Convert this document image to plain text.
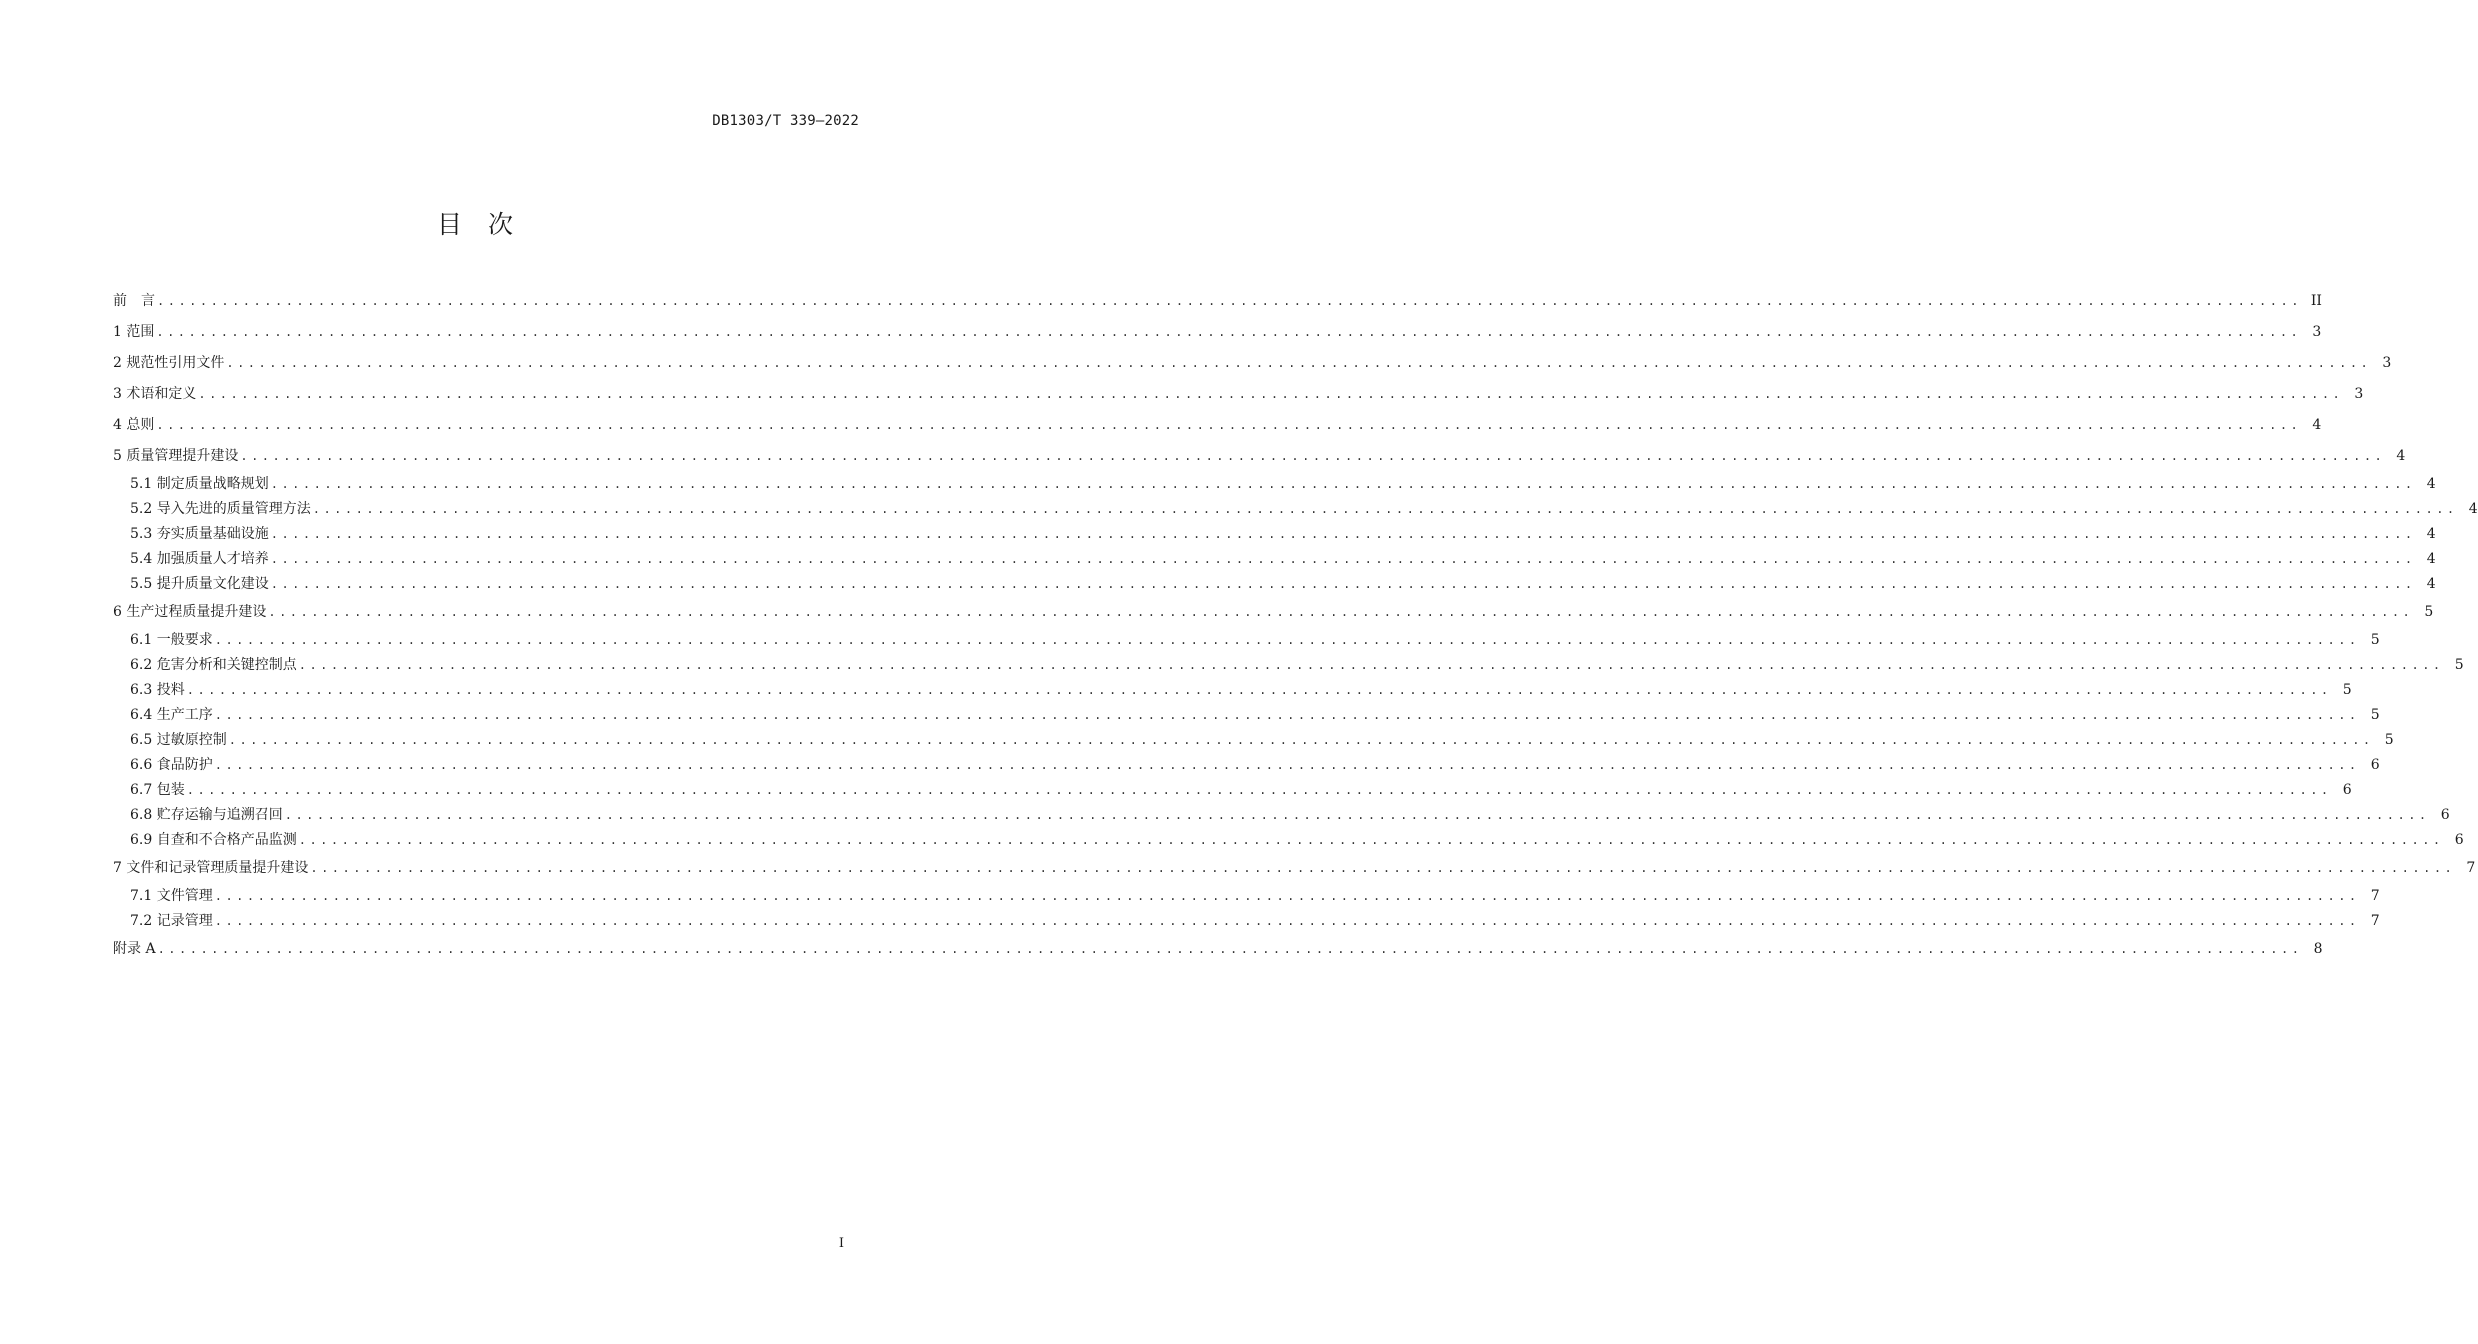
DB1303/T 339—2022
目次
前　言 ........................................................................................................................................................................................................ II
1 范围 ........................................................................................................................................................................................................ 3
2 规范性引用文件 ........................................................................................................................................................................................................ 3
3 术语和定义 ........................................................................................................................................................................................................ 3
4 总则 ........................................................................................................................................................................................................ 4
5 质量管理提升建设 ........................................................................................................................................................................................................ 4
5.1 制定质量战略规划 ........................................................................................................................................................................................................ 4
5.2 导入先进的质量管理方法 ........................................................................................................................................................................................................ 4
5.3 夯实质量基础设施 ........................................................................................................................................................................................................ 4
5.4 加强质量人才培养 ........................................................................................................................................................................................................ 4
5.5 提升质量文化建设 ........................................................................................................................................................................................................ 4
6 生产过程质量提升建设 ........................................................................................................................................................................................................ 5
6.1 一般要求 ........................................................................................................................................................................................................ 5
6.2 危害分析和关键控制点 ........................................................................................................................................................................................................ 5
6.3 投料 ........................................................................................................................................................................................................ 5
6.4 生产工序 ........................................................................................................................................................................................................ 5
6.5 过敏原控制 ........................................................................................................................................................................................................ 5
6.6 食品防护 ........................................................................................................................................................................................................ 6
6.7 包装 ........................................................................................................................................................................................................ 6
6.8 贮存运输与追溯召回 ........................................................................................................................................................................................................ 6
6.9 自查和不合格产品监测 ........................................................................................................................................................................................................ 6
7 文件和记录管理质量提升建设 ........................................................................................................................................................................................................ 7
7.1 文件管理 ........................................................................................................................................................................................................ 7
7.2 记录管理 ........................................................................................................................................................................................................ 7
附录 A ........................................................................................................................................................................................................ 8
I
